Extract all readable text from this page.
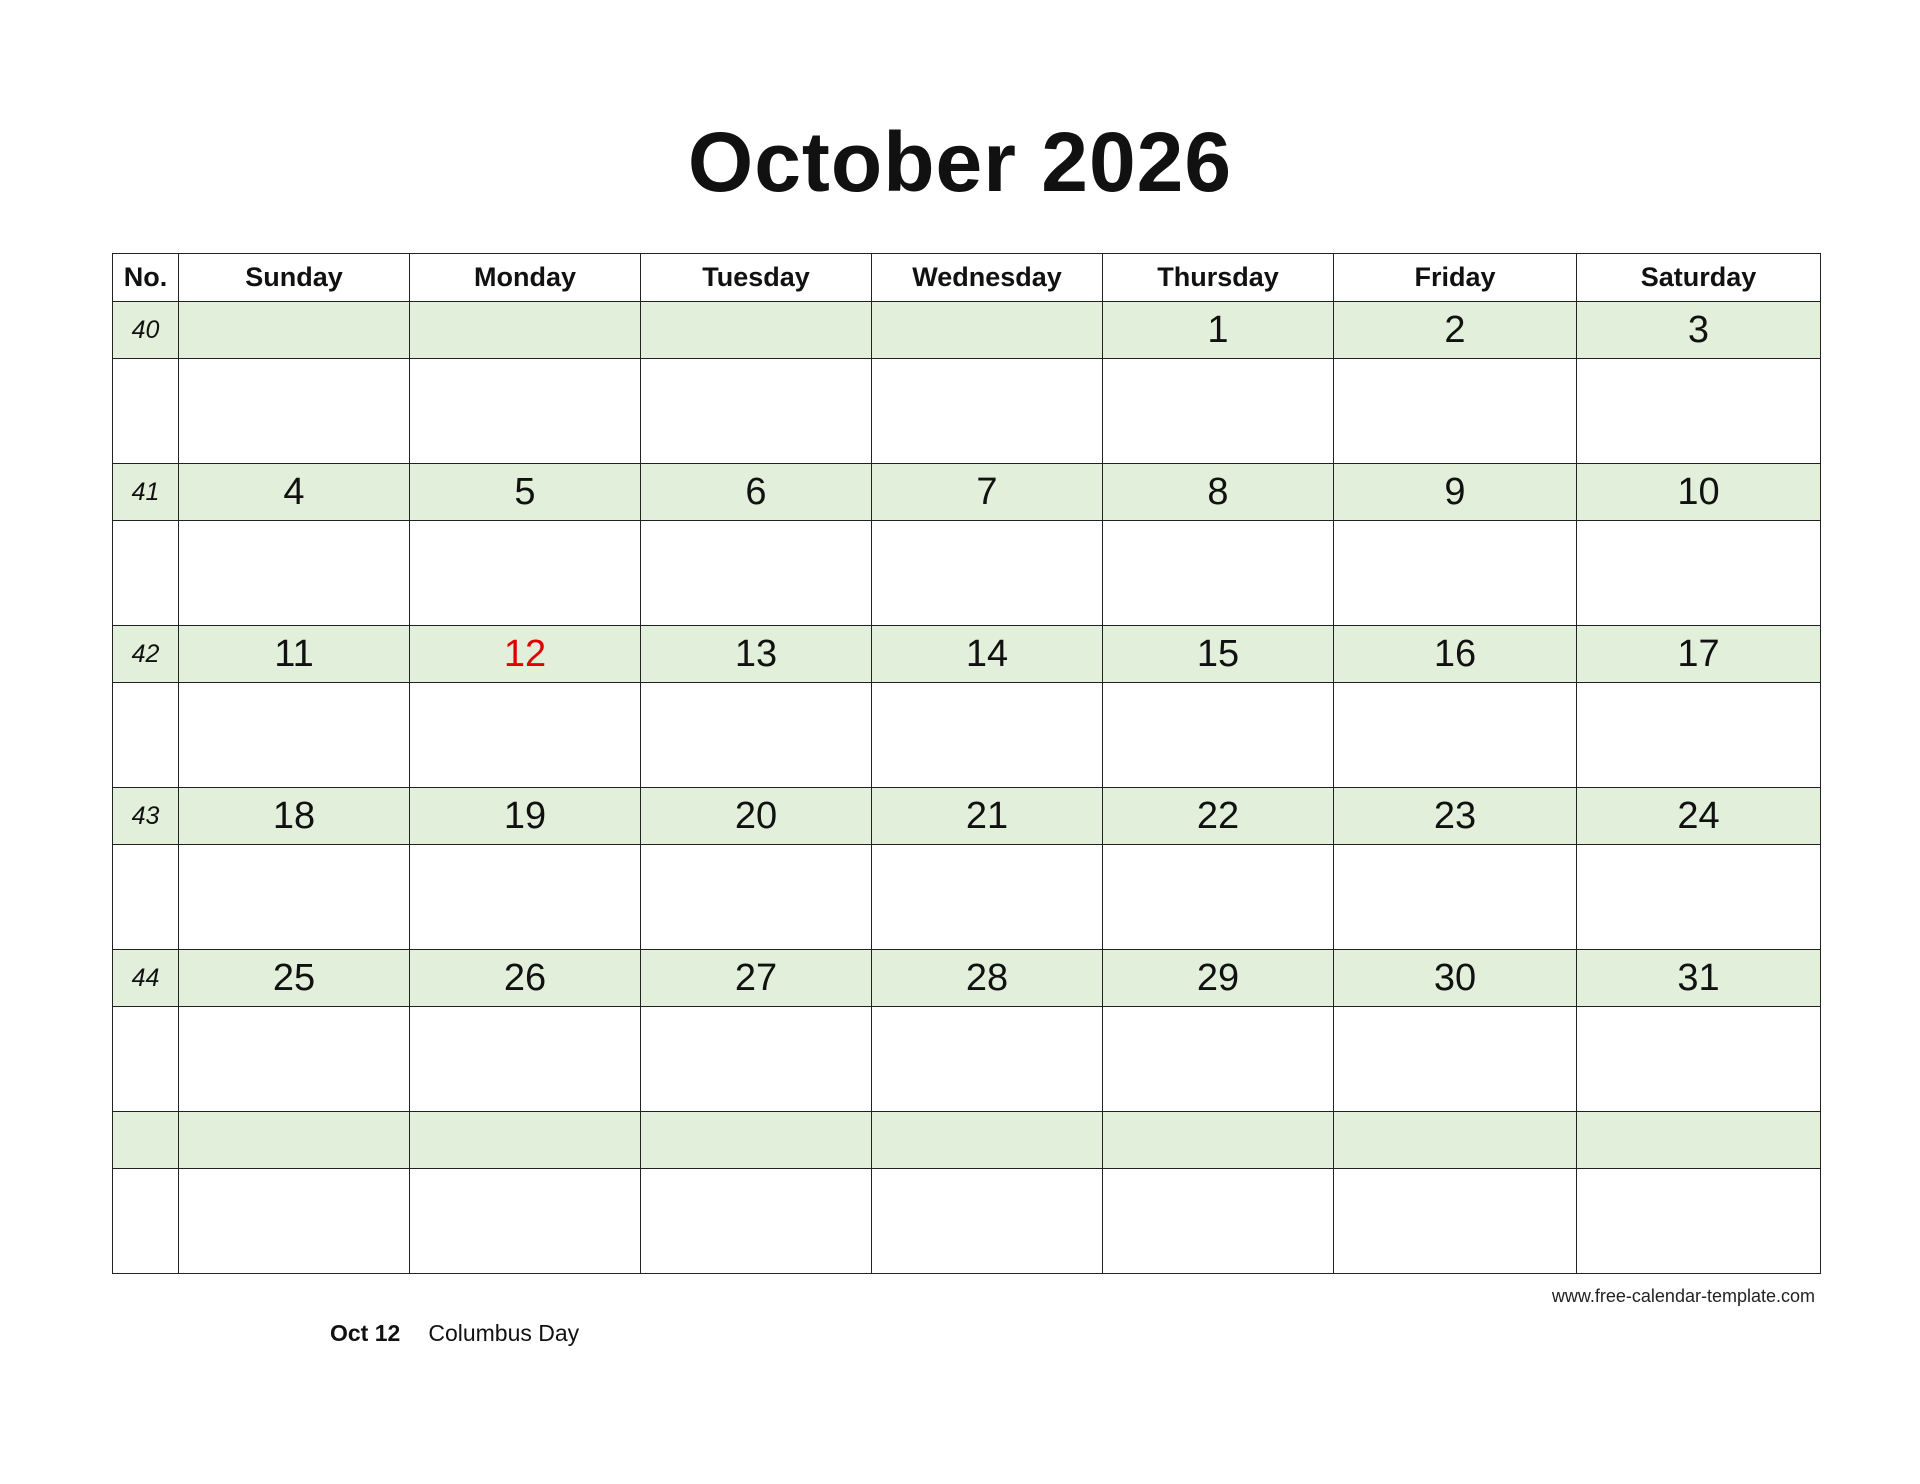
October 2026
No.	Sunday	Monday	Tuesday	Wednesday	Thursday	Friday	Saturday
40					1	2	3

41	4	5	6	7	8	9	10

42	11	12	13	14	15	16	17

43	18	19	20	21	22	23	24

44	25	26	27	28	29	30	31

www.free-calendar-template.com
Oct 12 Columbus Day
